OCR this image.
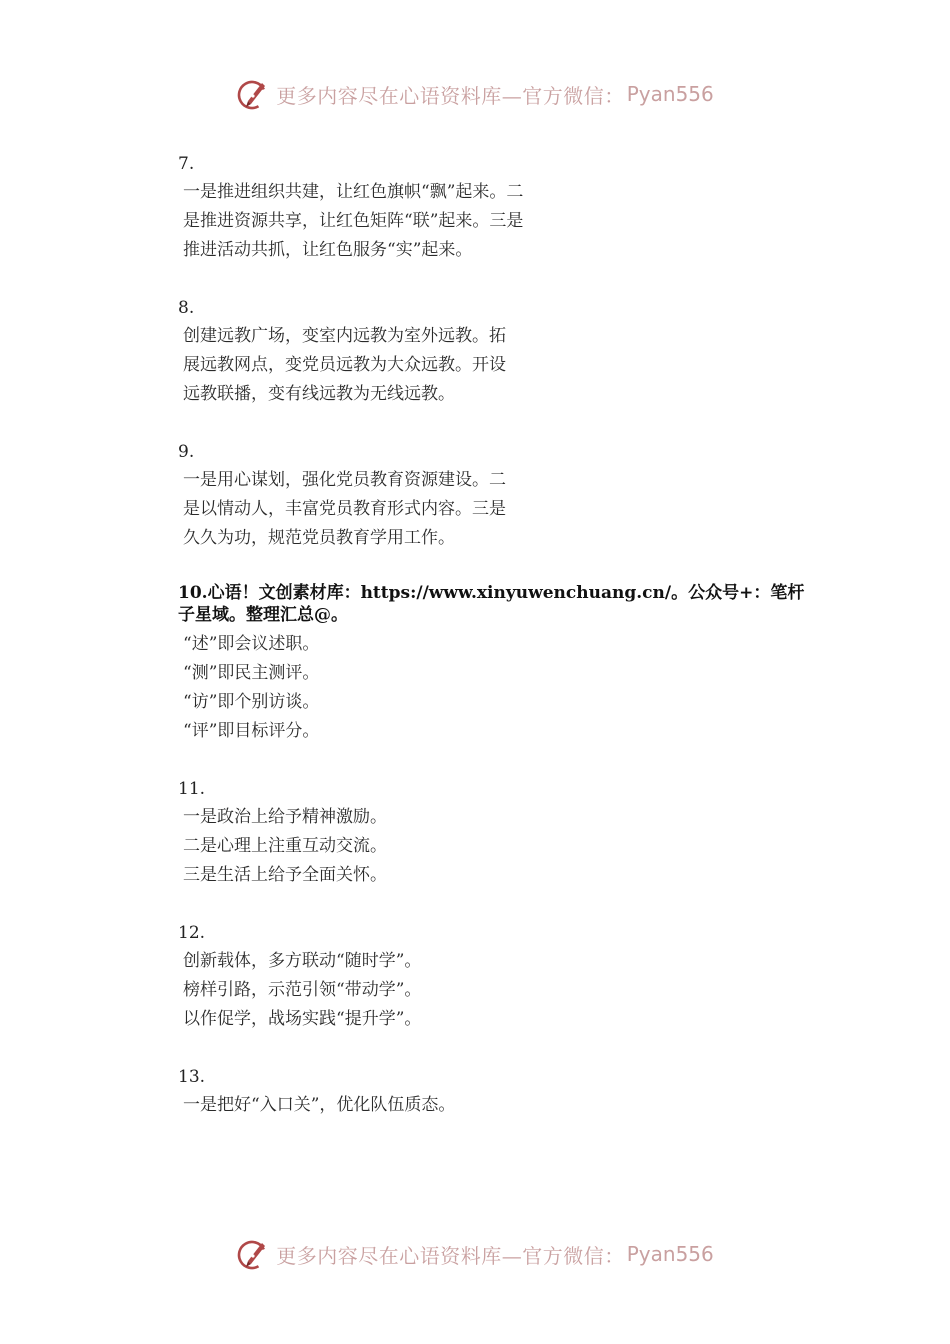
更多内容尽在心语资料库—官方微信： Pyan556
7.
一是推进组织共建，让红色旗帜“飘”起来。二
是推进资源共享，让红色矩阵“联”起来。三是
推进活动共抓，让红色服务“实”起来。
8.
创建远教广场，变室内远教为室外远教。拓
展远教网点，变党员远教为大众远教。开设
远教联播，变有线远教为无线远教。
9.
一是用心谋划，强化党员教育资源建设。二
是以情动人，丰富党员教育形式内容。三是
久久为功，规范党员教育学用工作。
10.心语！文创素材库：https://www.xinyuwenchuang.cn/。公众号+：笔杆子星域。整理汇总@。
“述”即会议述职。
“测”即民主测评。
“访”即个别访谈。
“评”即目标评分。
11.
一是政治上给予精神激励。
二是心理上注重互动交流。
三是生活上给予全面关怀。
12.
创新载体，多方联动“随时学”。
榜样引路，示范引领“带动学”。
以作促学，战场实践“提升学”。
13.
一是把好“入口关”，优化队伍质态。
更多内容尽在心语资料库—官方微信： Pyan556
